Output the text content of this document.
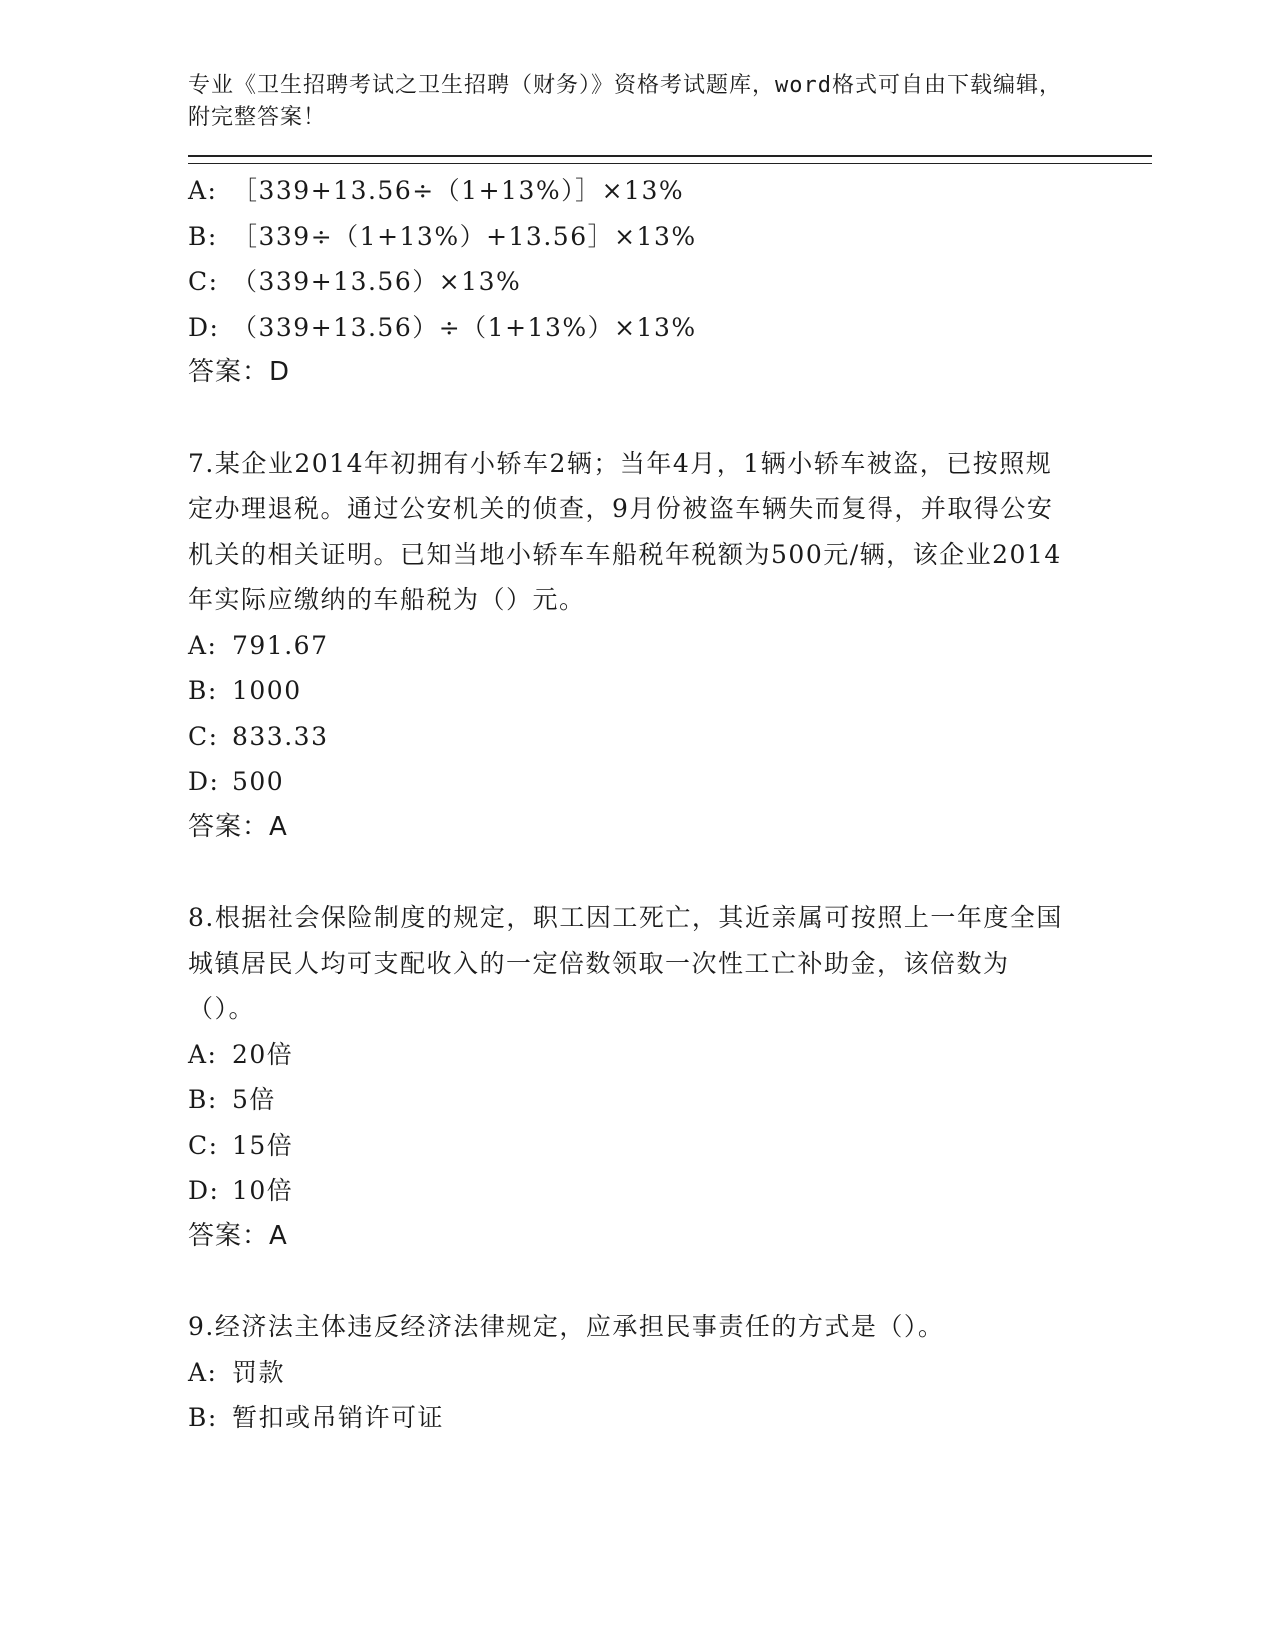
专业《卫生招聘考试之卫生招聘（财务）》资格考试题库，word格式可自由下载编辑，附完整答案！
A: ［339+13.56÷（1+13%）］×13%
B: ［339÷（1+13%）+13.56］×13%
C: （339+13.56）×13%
D: （339+13.56）÷（1+13%）×13%
答案：D
7.某企业2014年初拥有小轿车2辆；当年4月，1辆小轿车被盗，已按照规定办理退税。通过公安机关的侦查，9月份被盗车辆失而复得，并取得公安机关的相关证明。已知当地小轿车车船税年税额为500元/辆，该企业2014年实际应缴纳的车船税为（）元。
A: 791.67
B: 1000
C: 833.33
D: 500
答案：A
8.根据社会保险制度的规定，职工因工死亡，其近亲属可按照上一年度全国城镇居民人均可支配收入的一定倍数领取一次性工亡补助金，该倍数为（）。
A: 20倍
B: 5倍
C: 15倍
D: 10倍
答案：A
9.经济法主体违反经济法律规定，应承担民事责任的方式是（）。
A: 罚款
B: 暂扣或吊销许可证
